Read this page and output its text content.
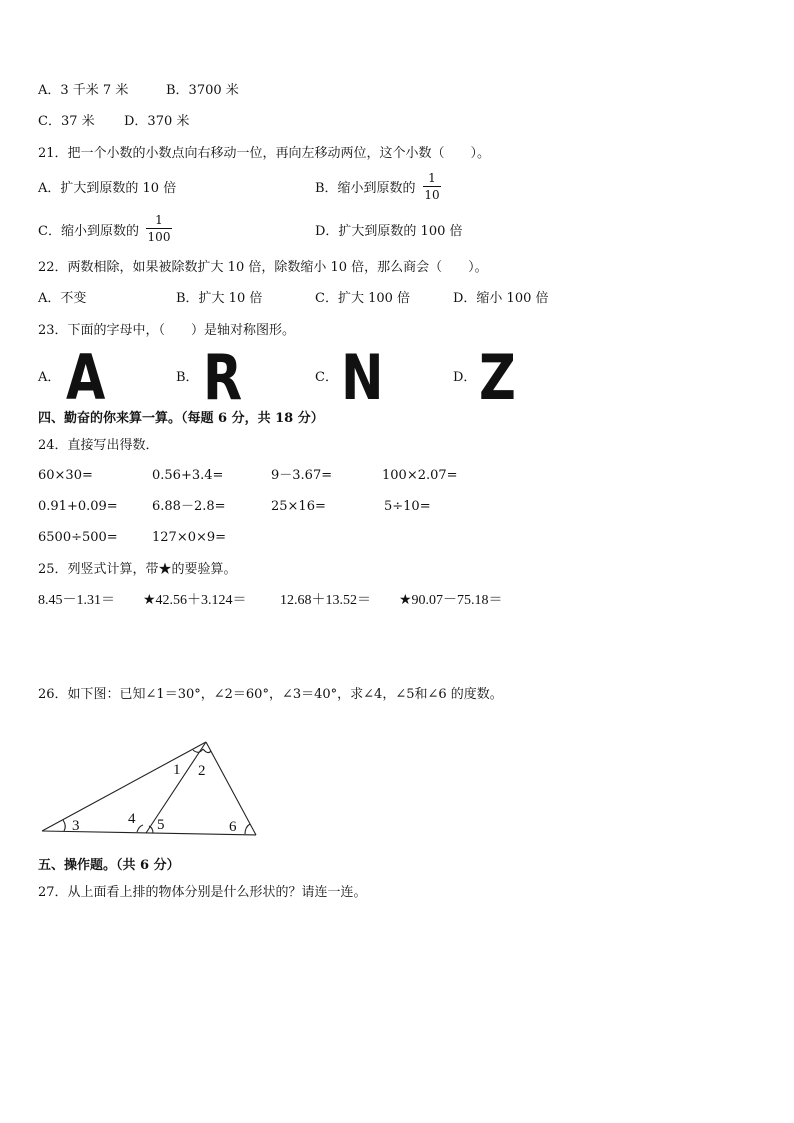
A．3 千米 7 米	B．3700 米
C．37 米 D．370 米
21．把一个小数的小数点向右移动一位，再向左移动两位，这个小数（　　）。
A．扩大到原数的 10 倍	B．缩小到原数的
1
10
C．缩小到原数的
1
100	D．扩大到原数的 100 倍
22．两数相除，如果被除数扩大 10 倍，除数缩小 10 倍，那么商会（　　）。
A．不变	B．扩大 10 倍	C．扩大 100 倍	D．缩小 100 倍
23．下面的字母中，（　　）是轴对称图形。
A． A	B． R	C． N	D． Z
四、勤奋的你来算一算。（每题 6 分，共 18 分）
24．直接写出得数．
60×30=	0.56+3.4=	9－3.67=	100×2.07=
0.91+0.09=	6.88－2.8=	25×16=	5÷10=
6500÷500=	127×0×9=
25．列竖式计算，带★的要验算。
8.45－1.31＝ ★42.56＋3.124＝ 12.68＋13.52＝ ★90.07－75.18＝
26．如下图：已知∠1＝30°，∠2＝60°，∠3＝40°，求∠4，∠5和∠6 的度数。
1 2
3	4 5	6
五、操作题。（共 6 分）
27．从上面看上排的物体分别是什么形状的？请连一连。
